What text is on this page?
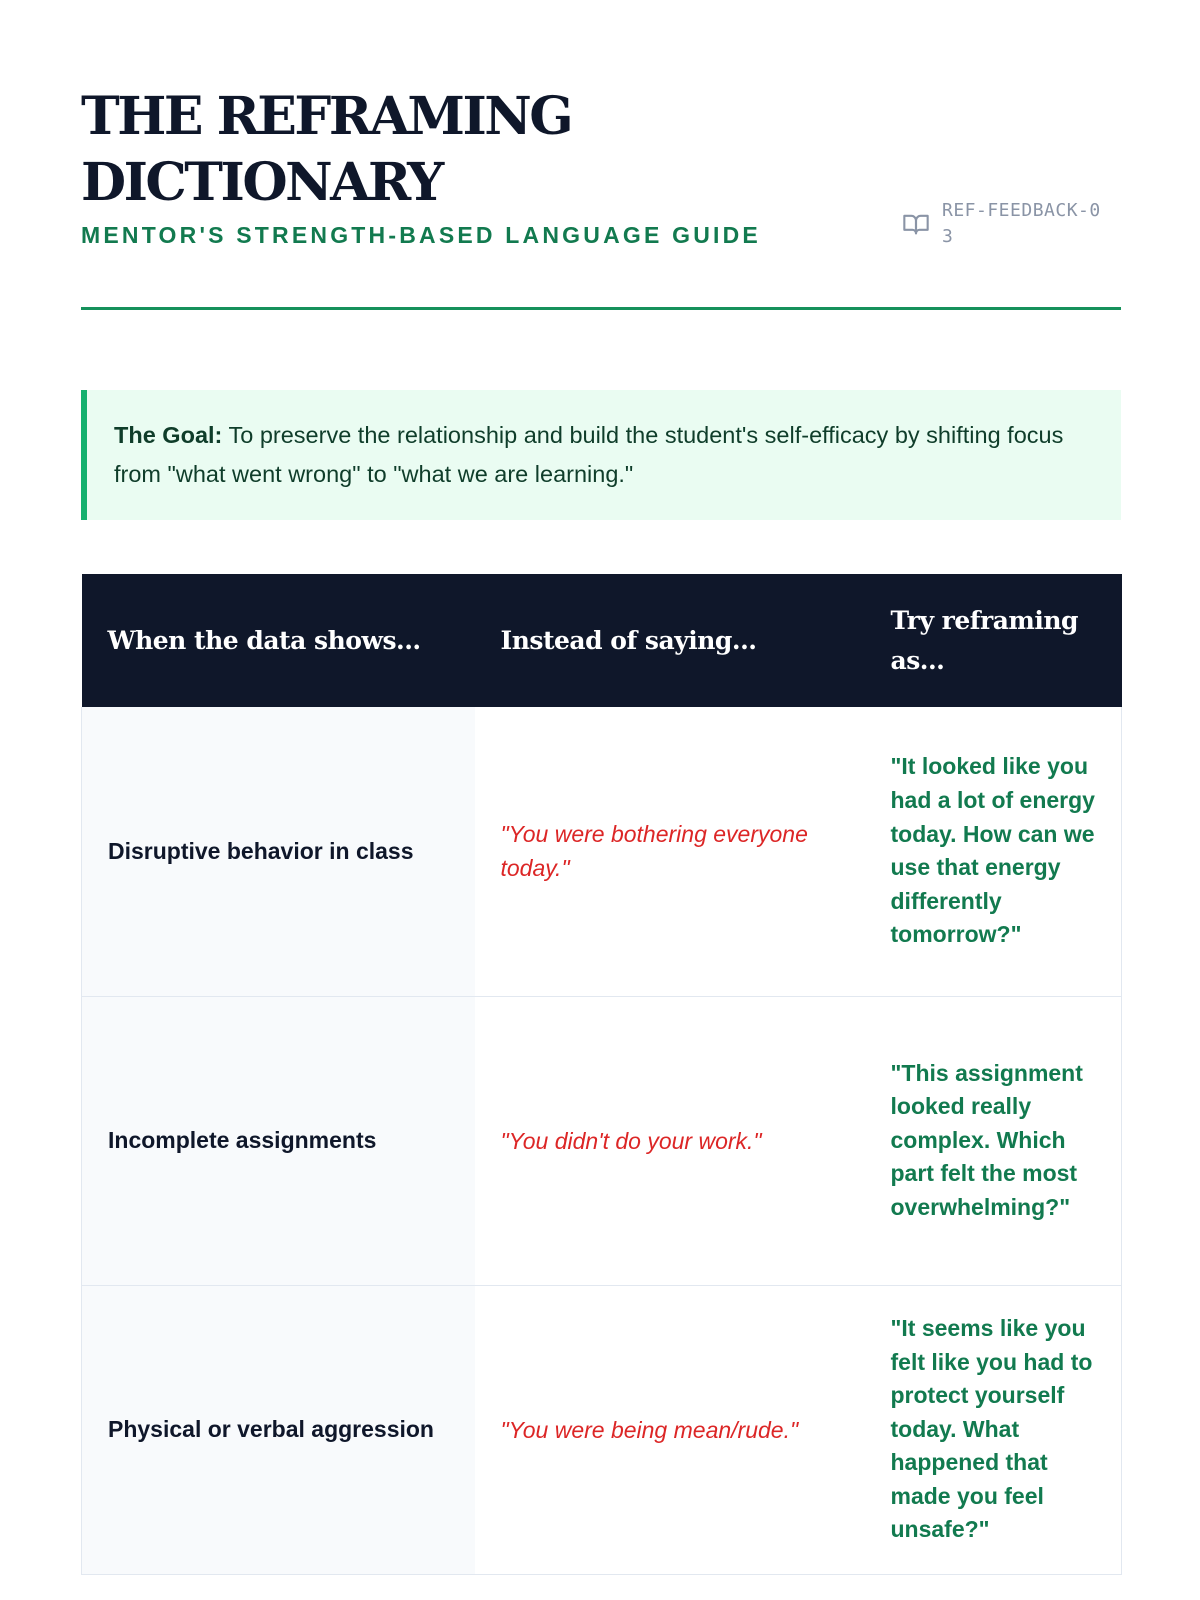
THE REFRAMING DICTIONARY
MENTOR'S STRENGTH-BASED LANGUAGE GUIDE
REF-FEEDBACK-03
The Goal: To preserve the relationship and build the student's self-efficacy by shifting focus from "what went wrong" to "what we are learning."
When the data shows...	Instead of saying...	Try reframing as...
Disruptive behavior in class	"You were bothering everyone today."	"It looked like you had a lot of energy today. How can we use that energy differently tomorrow?"
Incomplete assignments	"You didn't do your work."	"This assignment looked really complex. Which part felt the most overwhelming?"
Physical or verbal aggression	"You were being mean/rude."	"It seems like you felt like you had to protect yourself today. What happened that made you feel unsafe?"
